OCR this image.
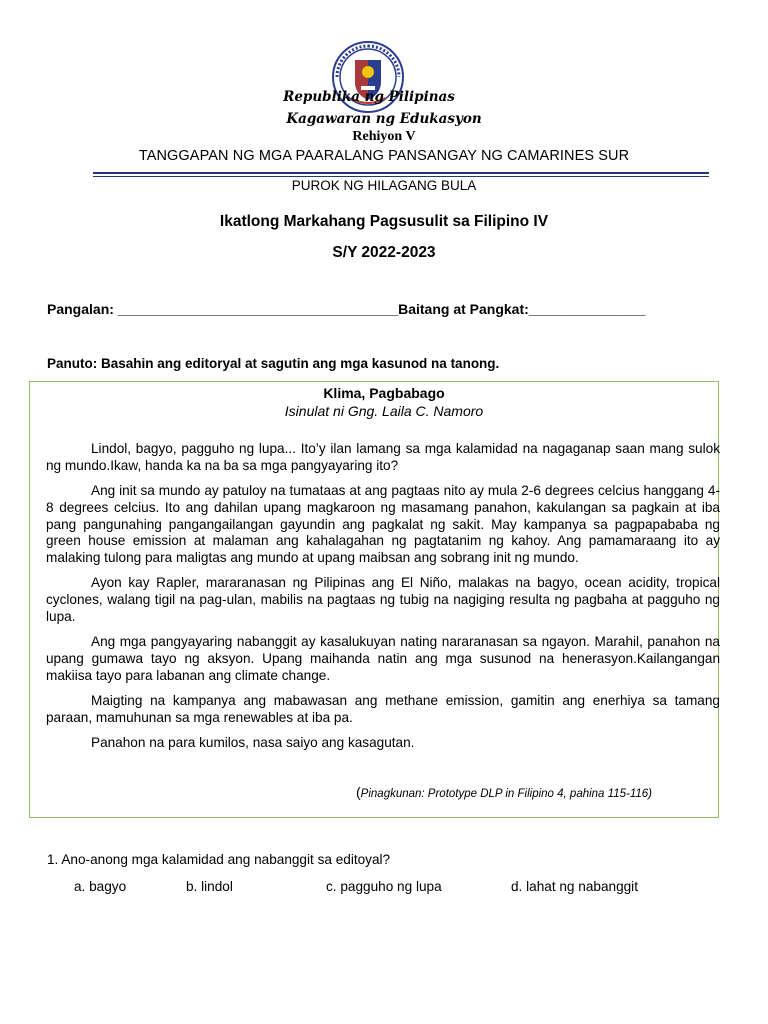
Republika ng Pilipinas
Kagawaran ng Edukasyon
Rehiyon V
TANGGAPAN NG MGA PAARALANG PANSANGAY NG CAMARINES SUR
PUROK NG HILAGANG BULA
Ikatlong Markahang Pagsusulit sa Filipino IV
S/Y 2022-2023
Pangalan: ____________________________________Baitang at Pangkat:_______________
Panuto: Basahin ang editoryal at sagutin ang mga kasunod na tanong.
Klima, Pagbabago
Isinulat ni Gng. Laila C. Namoro

Lindol, bagyo, pagguho ng lupa... Ito’y ilan lamang sa mga kalamidad na nagaganap saan mang sulok ng mundo.Ikaw, handa ka na ba sa mga pangyayaring ito?

Ang init sa mundo ay patuloy na tumataas at ang pagtaas nito ay mula 2-6 degrees celcius hanggang 4-8 degrees celcius. Ito ang dahilan upang magkaroon ng masamang panahon, kakulangan sa pagkain at iba pang pangunahing pangangailangan gayundin ang pagkalat ng sakit. May kampanya sa pagpapababa ng green house emission at malaman ang kahalagahan ng pagtatanim ng kahoy. Ang pamamaraang ito ay malaking tulong para maligtas ang mundo at upang maibsan ang sobrang init ng mundo.

Ayon kay Rapler, mararanasan ng Pilipinas ang El Niño, malakas na bagyo, ocean acidity, tropical cyclones, walang tigil na pag-ulan, mabilis na pagtaas ng tubig na nagiging resulta ng pagbaha at pagguho ng lupa.

Ang mga pangyayaring nabanggit ay kasalukuyan nating nararanasan sa ngayon. Marahil, panahon na upang gumawa tayo ng aksyon. Upang maihanda natin ang mga susunod na henerasyon.Kailangangan makiisa tayo para labanan ang climate change.

Maigting na kampanya ang mabawasan ang methane emission, gamitin ang enerhiya sa tamang paraan, mamuhunan sa mga renewables at iba pa.

Panahon na para kumilos, nasa saiyo ang kasagutan.

(Pinagkunan: Prototype DLP in Filipino 4, pahina 115-116)
1. Ano-anong mga kalamidad ang nabanggit sa editoyal?
a. bagyo	b. lindol	c. pagguho ng lupa	d. lahat ng nabanggit
